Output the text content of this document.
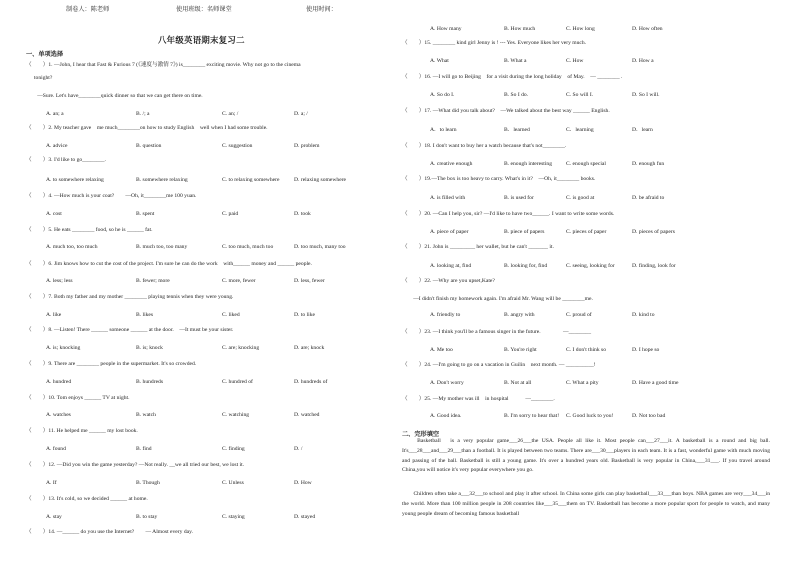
制卷人：陈老师	使用班级：名师课堂	使用时间：
八年级英语期末复习二
一、单项选择
（　　）1. —John, I hear that Fast & Furious 7 (《速度与激情 7》) is________ exciting movie. Why not go to the cinema
tonight?
　　—Sure. Let's have________quick dinner so that we can get there on time.
A. an; a	B. /; a	C. an; /	D. a; /
（　　）2. My teacher gave　me much________on how to study English　well when I had some trouble.
A. advice	B. question	C. suggestion	D. problem
（　　）3. I'd like to go________.
A. to somewhere relaxing	B. somewhere relaxing	C. to relaxing somewhere	D. relaxing somewhere
（　　）4. —How much is your coat?　　—Oh, it________me 100 yuan.
A. cost	B. spent	C. paid	D. took
（　　）5. He eats ________ food, so he is ______ fat.
A. much too, too much	B. much too, too many	C. too much, much too	D. too much, many too
（　　）6. Jim knows how to cut the cost of the project. I'm sure he can do the work　with______ money and ______ people.
A. less; less	B. fewer; more	C. more, fewer	D. less, fewer
（　　）7. Both my father and my mother ________ playing tennis when they were young.
A. like	B. likes	C. liked	D. to like
（　　）8. —Listen! There ______ someone ______ at the door.　—It must be your sister.
A. is; knocking	B. is; knock	C. are; knocking	D. are; knock
（　　）9. There are ________ people in the supermarket. It's so crowded.
A. hundred	B. hundreds	C. hundred of	D. hundreds of
（　　）10. Tom enjoys ______ TV at night.
A. watches	B. watch	C. watching	D. watched
（　　）11. He helped me ______ my lost book.
A. found	B. find	C. finding	D. /
（　　）12. —Did you win the game yesterday? —Not really. __we all tried our best, we lost it.
A. If	B. Though	C. Unless	D. How
（　　）13. It's cold, so we decided ______ at home.
A. stay	B. to stay	C. staying	D. stayed
（　　）14. —______ do you use the Internet?　　— Almost every day.
A. How many	B. How much	C. How long	D. How often
（　　）15. ________ kind girl Jenny is ! --- Yes. Everyone likes her very much.
A. What	B. What a	C. How	D. How a
（　　）16. —I will go to Beijing　for a visit during the long holiday　of May.　— ________ .
A. So do I.	B. So I do.	C. So will I.	D. So I will.
（　　）17. —What did you talk about?　—We talked about the best way ______ English.
A．to learn	B．learned	C．learning	D．learn
（　　）18. I don't want to buy her a watch because that's not________.
A. creative enough	B. enough interesting C. enough special	D. enough fun
（　　）19.—The box is too heavy to carry. What's in it?　—Oh, it________ books.
A. is filled with	B. is used for	C. is good at	D. be afraid to
（　　）20. —Can I help you, sir? —I'd like to have two______. I want to write some words.
A. piece of paper	B. piece of papers	C. pieces of paper	D. pieces of papers
（　　）21. John is _________ her wallet, but he can't _______ it.
A. looking at, find	B. looking for, find	C. seeing, looking for	D. finding, look for
（　　）22. —Why are you upset,Kate?
　　—I didn't finish my homework again. I'm afraid Mr. Wang will be ________me.
A. friendly to	B. angry with	C. proud of	D. kind to
（　　）23. —I think you'll be a famous singer in the future.　　　　—________
A. Me too	B. You're right	C. I don't think so	D. I hope so
（　　）24. —I'm going to go on a vacation in Guilin　next month. — __________!
A. Don't worry	B. Not at all	C. What a pity	D. Have a good time
（　　）25. —My mother was ill　in hospital　　　—________.
A. Good idea.	B. I'm sorry to hear that! C. Good luck to you!	D. Not too bad
二、完形填空
　　Basketball　is a very popular game___26___the USA. People all like it. Most people can___27___it. A basketball is a round and big ball. It's___28___and___29___than a football. It is played between two teams. There are___30___players in each team. It is a fast, wonderful game with much moving and passing of the ball. Basketball is still a young game. It's over a hundred years old. Basketball is very popular in China,___31___. If you travel around China,you will notice it's very popular everywhere you go.
　　Children often take a___32___to school and play it after school. In China some girls can play basketball___33___than boys. NBA games are very___34___in the world. More than 100 million people in 208 countries like___35___them on TV. Basketball has become a more popular sport for people to watch, and many young people dream of becoming famous basketball
